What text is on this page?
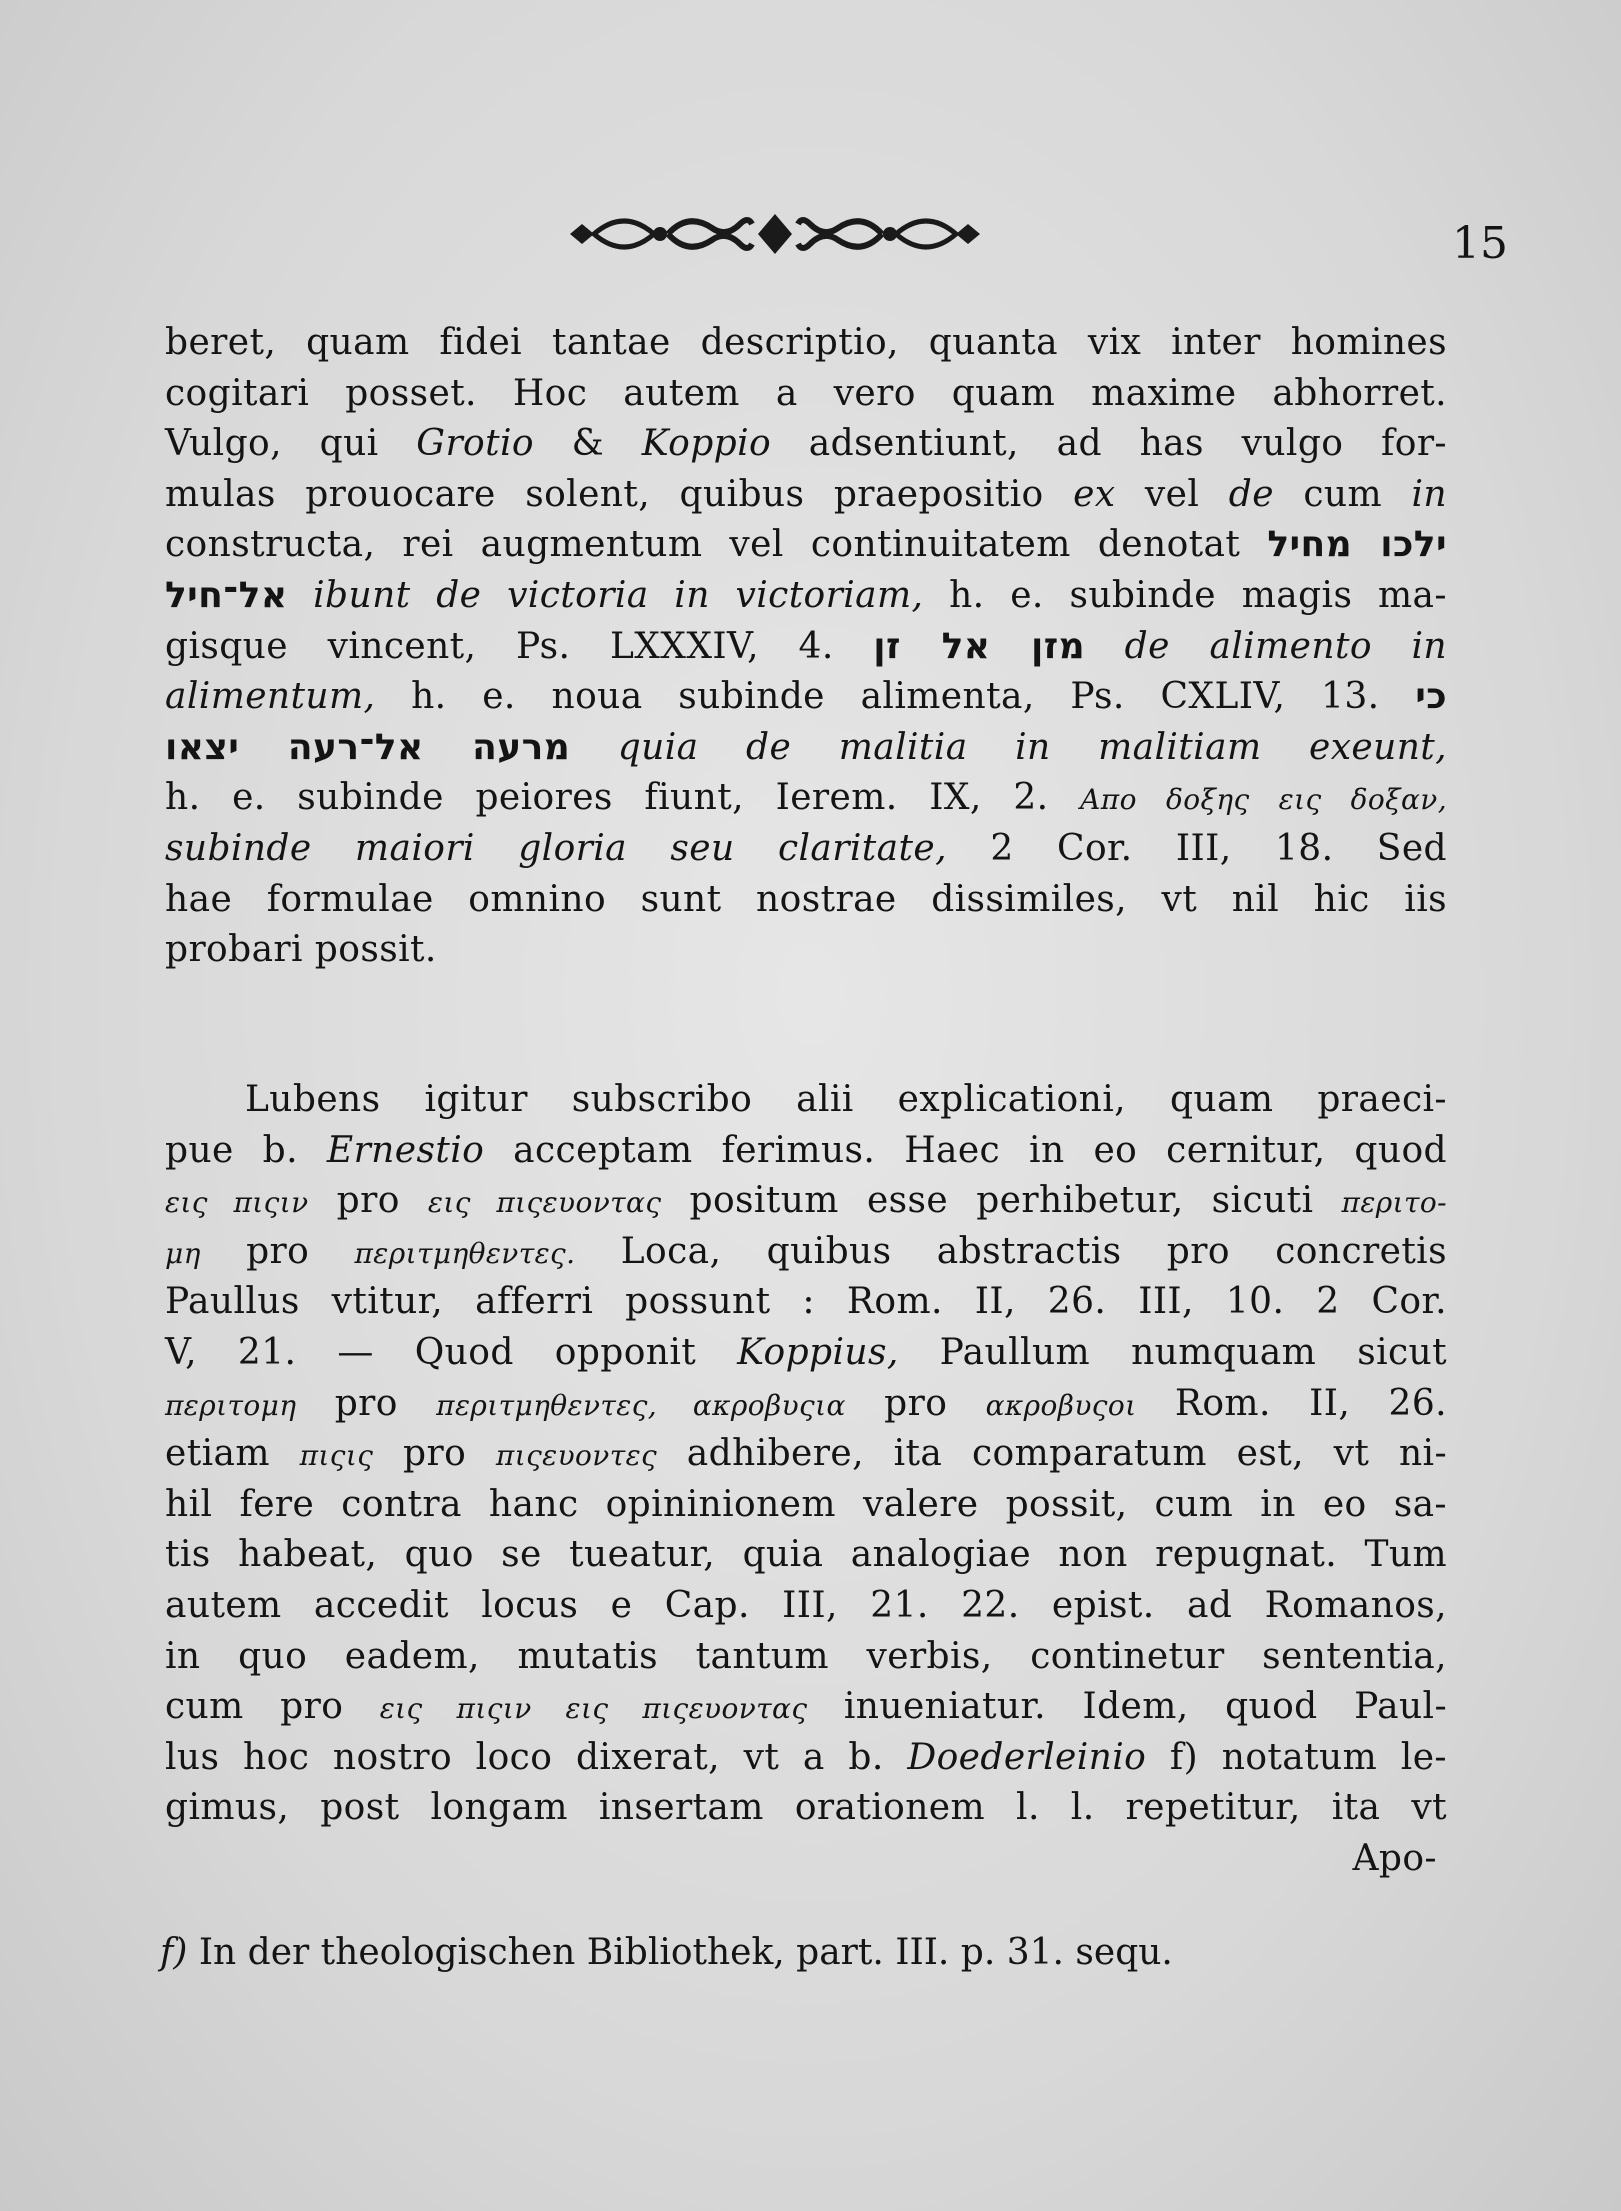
15
beret, quam fidei tantae descriptio, quanta vix inter homines
cogitari posset. Hoc autem a vero quam maxime abhorret.
Vulgo, qui Grotio & Koppio adsentiunt, ad has vulgo for-
mulas prouocare solent, quibus praepositio ex vel de cum in
constructa, rei augmentum vel continuitatem denotat ילכו מחיל
אל־חיל ibunt de victoria in victoriam, h. e. subinde magis ma-
gisque vincent, Ps. LXXXIV, 4. מזן אל זן de alimento in
alimentum, h. e. noua subinde alimenta, Ps. CXLIV, 13. כי
מרעה אל־רעה יצאו quia de malitia in malitiam exeunt,
h. e. subinde peiores fiunt, Ierem. IX, 2. Απο δοξης εις δοξαν,
subinde maiori gloria seu claritate, 2 Cor. III, 18. Sed
hae formulae omnino sunt nostrae dissimiles, vt nil hic iis
probari possit.
Lubens igitur subscribo alii explicationi, quam praeci-
pue b. Ernestio acceptam ferimus. Haec in eo cernitur, quod
εις πιςιν pro εις πιςευοντας positum esse perhibetur, sicuti περιτο-
μη pro περιτμηθεντες. Loca, quibus abstractis pro concretis
Paullus vtitur, afferri possunt : Rom. II, 26. III, 10. 2 Cor.
V, 21. — Quod opponit Koppius, Paullum numquam sicut
περιτομη pro περιτμηθεντες, ακροβυςια pro ακροβυςοι Rom. II, 26.
etiam πιςις pro πιςευοντες adhibere, ita comparatum est, vt ni-
hil fere contra hanc opininionem valere possit, cum in eo sa-
tis habeat, quo se tueatur, quia analogiae non repugnat. Tum
autem accedit locus e Cap. III, 21. 22. epist. ad Romanos,
in quo eadem, mutatis tantum verbis, continetur sententia,
cum pro εις πιςιν εις πιςευοντας inueniatur. Idem, quod Paul-
lus hoc nostro loco dixerat, vt a b. Doederleinio f) notatum le-
gimus, post longam insertam orationem l. l. repetitur, ita vt
Apo-
f) In der theologischen Bibliothek, part. III. p. 31. sequ.
